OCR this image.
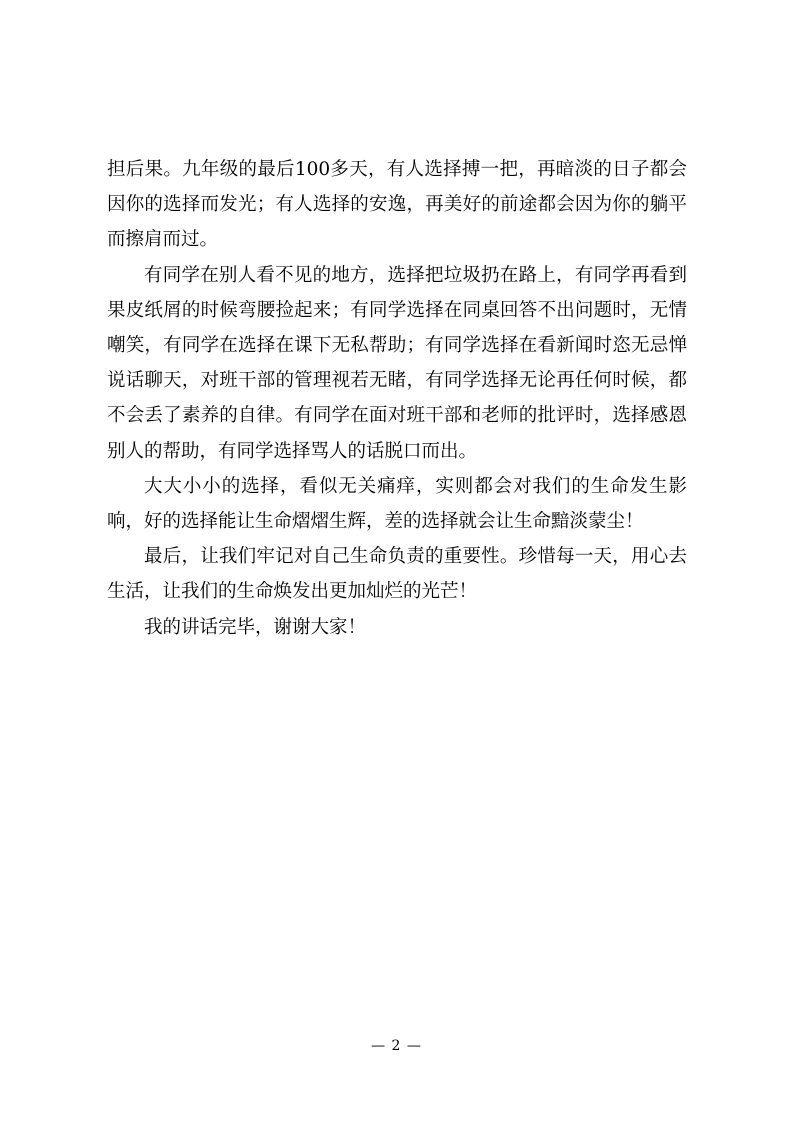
担后果。九年级的最后100多天，有人选择搏一把，再暗淡的日子都会因你的选择而发光；有人选择的安逸，再美好的前途都会因为你的躺平而擦肩而过。

有同学在别人看不见的地方，选择把垃圾扔在路上，有同学再看到果皮纸屑的时候弯腰捡起来；有同学选择在同桌回答不出问题时，无情嘲笑，有同学在选择在课下无私帮助；有同学选择在看新闻时恣无忌惮说话聊天，对班干部的管理视若无睹，有同学选择无论再任何时候，都不会丢了素养的自律。有同学在面对班干部和老师的批评时，选择感恩别人的帮助，有同学选择骂人的话脱口而出。

大大小小的选择，看似无关痛痒，实则都会对我们的生命发生影响，好的选择能让生命熠熠生辉，差的选择就会让生命黯淡蒙尘！

最后，让我们牢记对自己生命负责的重要性。珍惜每一天，用心去生活，让我们的生命焕发出更加灿烂的光芒！

我的讲话完毕，谢谢大家！

— 2 —
